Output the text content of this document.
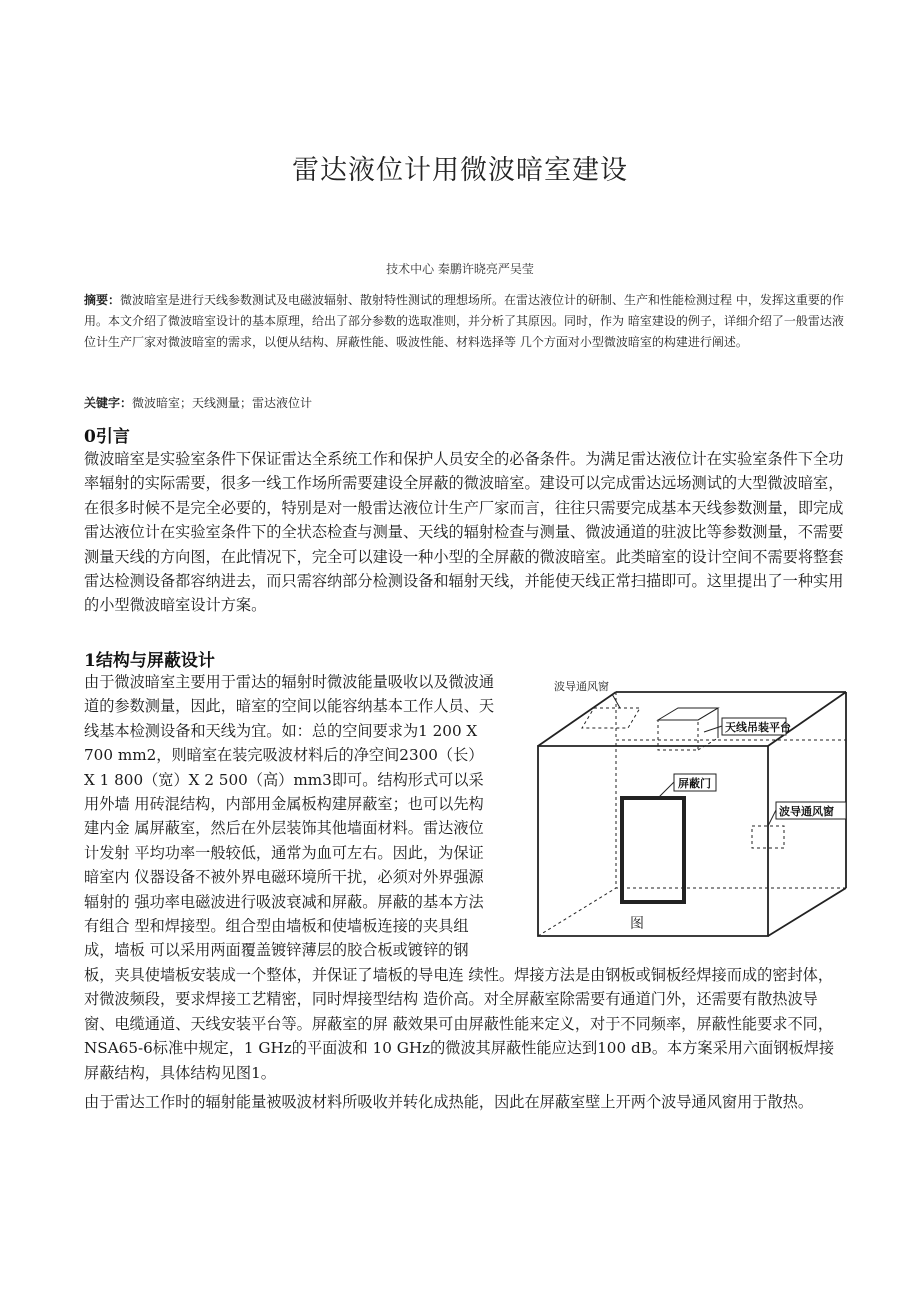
雷达液位计用微波暗室建设
技术中心 秦鹏许晓亮严吴莹
摘要：微波暗室是进行天线参数测试及电磁波辐射、散射特性测试的理想场所。在雷达液位计的研制、生产和性能检测过程 中，发挥这重要的作用。本文介绍了微波暗室设计的基本原理，给出了部分参数的选取准则，并分析了其原因。同时，作为 暗室建设的例子，详细介绍了一般雷达液位计生产厂家对微波暗室的需求，以便从结构、屏蔽性能、吸波性能、材料选择等 几个方面对小型微波暗室的构建进行阐述。
关键字：微波暗室；天线测量；雷达液位计
0引言
微波暗室是实验室条件下保证雷达全系统工作和保护人员安全的必备条件。为满足雷达液位计在实验室条件下全功率辐射的实际需要，很多一线工作场所需要建设全屏蔽的微波暗室。建设可以完成雷达远场测试的大型微波暗室，在很多时候不是完全必要的，特别是对一般雷达液位计生产厂家而言，往往只需要完成基本天线参数测量，即完成雷达液位计在实验室条件下的全状态检查与测量、天线的辐射检查与测量、微波通道的驻波比等参数测量，不需要测量天线的方向图，在此情况下，完全可以建设一种小型的全屏蔽的微波暗室。此类暗室的设计空间不需要将整套雷达检测设备都容纳进去，而只需容纳部分检测设备和辐射天线，并能使天线正常扫描即可。这里提出了一种实用的小型微波暗室设计方案。
1结构与屏蔽设计
波导通风窗
天线吊装平台
屏蔽门
波导通风窗
图
由于微波暗室主要用于雷达的辐射时微波能量吸收以及微波通道的参数测量，因此，暗室的空间以能容纳基本工作人员、天线基本检测设备和天线为宜。如：总的空间要求为1 200 X 700 mm2，则暗室在装完吸波材料后的净空间2300（长） X 1 800（宽）X 2 500（高）mm3即可。结构形式可以采用外墙 用砖混结构，内部用金属板构建屏蔽室；也可以先构建内金 属屏蔽室，然后在外层装饰其他墙面材料。雷达液位计发射 平均功率一般较低，通常为血可左右。因此，为保证暗室内 仪器设备不被外界电磁环境所干扰，必须对外界强源辐射的 强功率电磁波进行吸波衰减和屏蔽。屏蔽的基本方法有组合 型和焊接型。组合型由墙板和使墙板连接的夹具组成，墙板 可以采用两面覆盖镀锌薄层的胶合板或镀锌的钢板，夹具使墙板安装成一个整体，并保证了墙板的导电连 续性。焊接方法是由钢板或铜板经焊接而成的密封体，对微波频段，要求焊接工艺精密，同时焊接型结构 造价高。对全屏蔽室除需要有通道门外，还需要有散热波导窗、电缆通道、天线安装平台等。屏蔽室的屏 蔽效果可由屏蔽性能来定义，对于不同频率，屏蔽性能要求不同，NSA65-6标准中规定，1 GHz的平面波和 10 GHz的微波其屏蔽性能应达到100 dB。本方案采用六面钢板焊接屏蔽结构，具体结构见图1。
由于雷达工作时的辐射能量被吸波材料所吸收并转化成热能，因此在屏蔽室壁上开两个波导通风窗用于散热。
